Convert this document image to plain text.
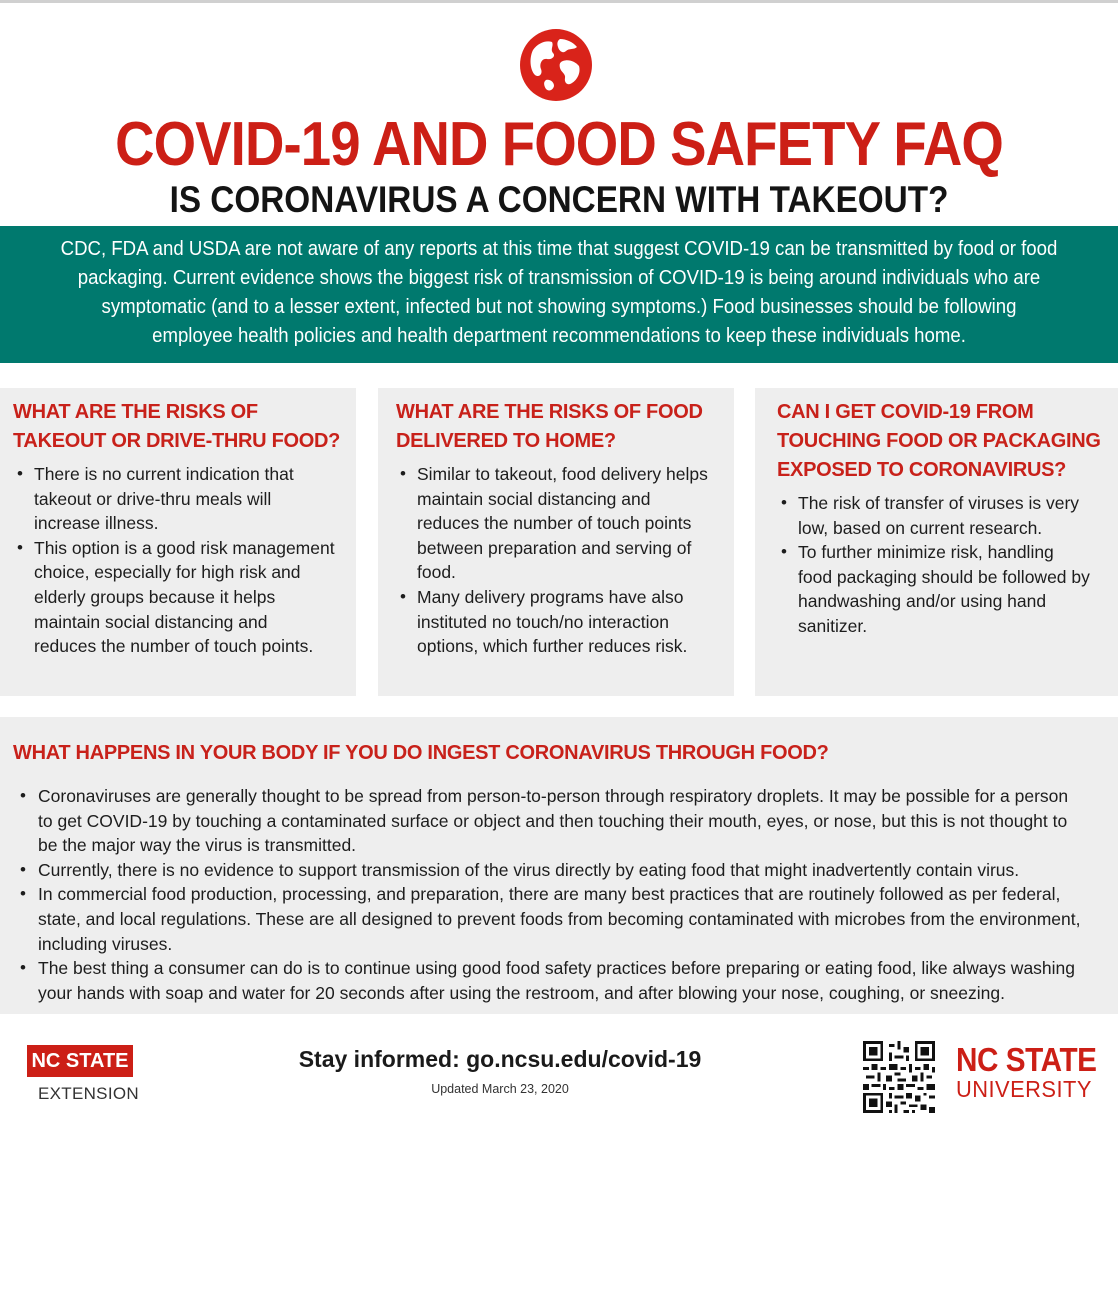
COVID-19 AND FOOD SAFETY FAQ
IS CORONAVIRUS A CONCERN WITH TAKEOUT?

CDC, FDA and USDA are not aware of any reports at this time that suggest COVID-19 can be transmitted by food or food

packaging. Current evidence shows the biggest risk of transmission of COVID-19 is being around individuals who are

symptomatic (and to a lesser extent, infected but not showing symptoms.) Food businesses should be following

employee health policies and health department recommendations to keep these individuals home.

WHAT ARE THE RISKS OF
TAKEOUT OR DRIVE-THRU FOOD?
• There is no current indication that
takeout or drive-thru meals will
increase illness.
• This option is a good risk management
choice, especially for high risk and
elderly groups because it helps
maintain social distancing and
reduces the number of touch points.
WHAT ARE THE RISKS OF FOOD
DELIVERED TO HOME?
• Similar to takeout, food delivery helps
maintain social distancing and
reduces the number of touch points
between preparation and serving of
food.
• Many delivery programs have also
instituted no touch/no interaction
options, which further reduces risk.
CAN I GET COVID-19 FROM
TOUCHING FOOD OR PACKAGING
EXPOSED TO CORONAVIRUS?
• The risk of transfer of viruses is very
low, based on current research.
• To further minimize risk, handling
food packaging should be followed by
handwashing and/or using hand
sanitizer.
WHAT HAPPENS IN YOUR BODY IF YOU DO INGEST CORONAVIRUS THROUGH FOOD?
• Coronaviruses are generally thought to be spread from person-to-person through respiratory droplets. It may be possible for a person
to get COVID-19 by touching a contaminated surface or object and then touching their mouth, eyes, or nose, but this is not thought to
be the major way the virus is transmitted.
• Currently, there is no evidence to support transmission of the virus directly by eating food that might inadvertently contain virus.
• In commercial food production, processing, and preparation, there are many best practices that are routinely followed as per federal,
state, and local regulations. These are all designed to prevent foods from becoming contaminated with microbes from the environment,
including viruses.
• The best thing a consumer can do is to continue using good food safety practices before preparing or eating food, like always washing
your hands with soap and water for 20 seconds after using the restroom, and after blowing your nose, coughing, or sneezing.
NC STATE
EXTENSION
Stay informed: go.ncsu.edu/covid-19
Updated March 23, 2020
NC STATE
UNIVERSITY
